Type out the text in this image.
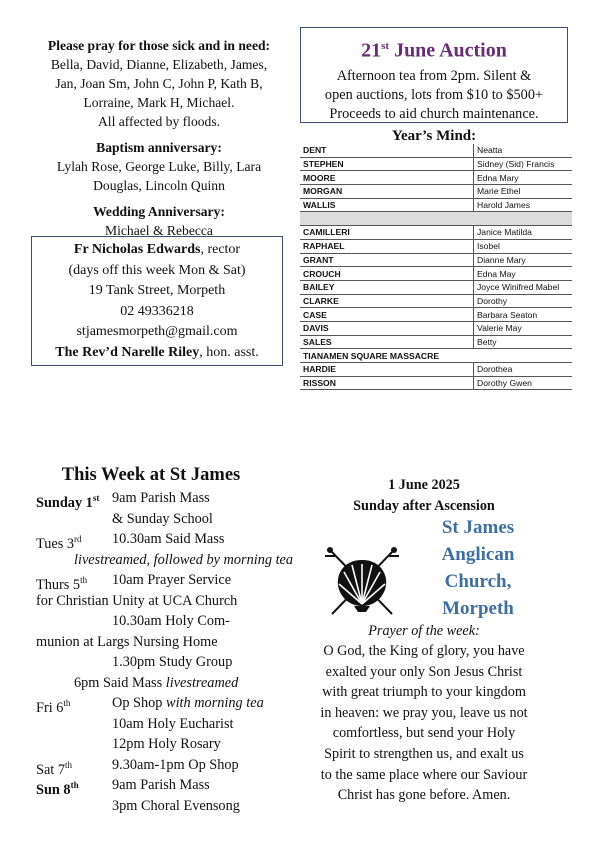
Please pray for those sick and in need:
Bella, David, Dianne, Elizabeth, James,
Jan, Joan Sm, John C, John P, Kath B,
Lorraine, Mark H, Michael.
All affected by floods.
Baptism anniversary:
Lylah Rose, George Luke, Billy, Lara
Douglas, Lincoln Quinn
Wedding Anniversary:
Michael & Rebecca
Fr Nicholas Edwards, rector
(days off this week Mon & Sat)
19 Tank Street, Morpeth
02 49336218
stjamesmorpeth@gmail.com
The Rev’d Narelle Riley, hon. asst.
21st June Auction
Afternoon tea from 2pm. Silent &
open auctions, lots from $10 to $500+
Proceeds to aid church maintenance.
Year’s Mind:
DENT	Neatta
STEPHEN	Sidney (Sid) Francis
MOORE	Edna Mary
MORGAN	Marie Ethel
WALLIS	Harold James

CAMILLERI	Janice Matilda
RAPHAEL	Isobel
GRANT	Dianne Mary
CROUCH	Edna May
BAILEY	Joyce Winifred Mabel
CLARKE	Dorothy
CASE	Barbara Seaton
DAVIS	Valerie May
SALES	Betty
TIANAMEN SQUARE MASSACRE	
HARDIE	Dorothea
RISSON	Dorothy Gwen
This Week at St James
Sunday 1st 9am Parish Mass
& Sunday School
Tues 3rd 10.30am Said Mass
livestreamed, followed by morning tea
Thurs 5th 10am Prayer Service
for Christian Unity at UCA Church
10.30am Holy Com-
munion at Largs Nursing Home
1.30pm Study Group
6pm Said Mass livestreamed
Fri 6th	Op Shop with morning tea
10am Holy Eucharist
12pm Holy Rosary
Sat 7th	9.30am-1pm Op Shop
Sun 8th 9am Parish Mass
3pm Choral Evensong
1 June 2025
Sunday after Ascension
St James
Anglican
Church,
Morpeth
Prayer of the week:
O God, the King of glory, you have
exalted your only Son Jesus Christ
with great triumph to your kingdom
in heaven: we pray you, leave us not
comfortless, but send your Holy
Spirit to strengthen us, and exalt us
to the same place where our Saviour
Christ has gone before. Amen.
